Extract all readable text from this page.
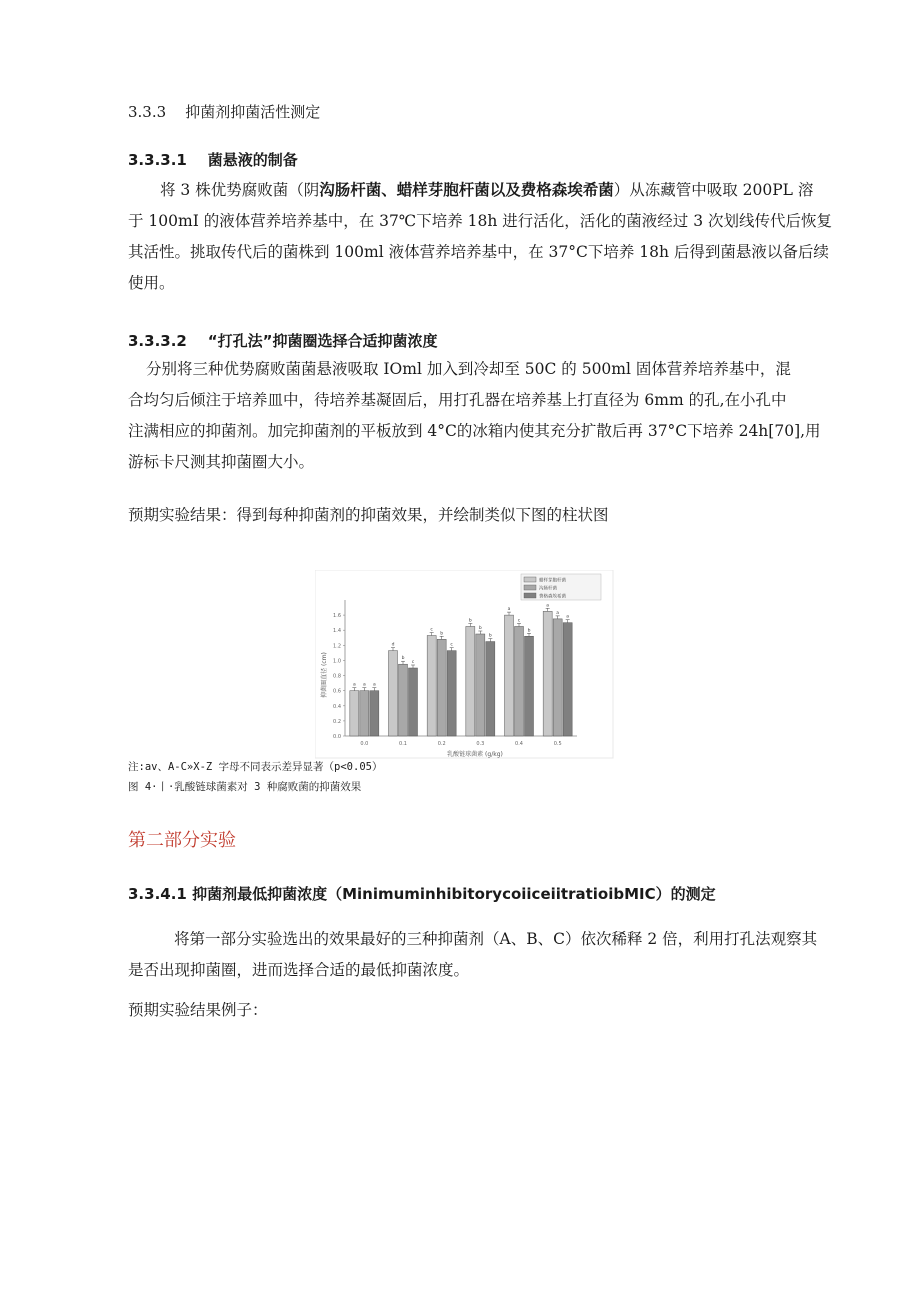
3.3.3 抑菌剂抑菌活性测定
3.3.3.1 菌悬液的制备

将 3 株优势腐败菌（阴沟肠杆菌、蜡样芽胞杆菌以及费格森埃希菌）从冻藏管中吸取 200PL 溶

于 100mI 的液体营养培养基中，在 37℃下培养 18h 进行活化，活化的菌液经过 3 次划线传代后恢复

其活性。挑取传代后的菌株到 100ml 液体营养培养基中，在 37°C下培养 18h 后得到菌悬液以备后续

使用。

3.3.3.2 “打孔法”抑菌圈选择合适抑菌浓度

分别将三种优势腐败菌菌悬液吸取 IOml 加入到冷却至 50C 的 500ml 固体营养培养基中，混

合均匀后倾注于培养皿中，待培养基凝固后，用打孔器在培养基上打直径为 6mm 的孔,在小孔中

注满相应的抑菌剂。加完抑菌剂的平板放到 4°C的冰箱内使其充分扩散后再 37°C下培养 24h[70],用

游标卡尺测其抑菌圈大小。

预期实验结果：得到每种抑菌剂的抑菌效果，并绘制类似下图的柱状图
0.0
0.2
0.4
0.6
0.8
1.0
1.2
1.4
1.6
0.0	0.1	0.2	0.3	0.4	0.5
a a a
d
b
c
c
b
c
b
b
b
a
c
b
a
a
a
蜡样芽胞杆菌
沟肠杆菌
费格森埃希菌
抑菌圈直径 (cm)
乳酸链球菌素 (g/kg)
注:av、A-C»X-Z 字母不同表示差异显著（p<0.05）
图 4·丨·乳酸链球菌素对 3 种腐败菌的抑菌效果
第二部分实验
3.3.4.1 抑菌剂最低抑菌浓度（MinimuminhibitorycoiiceiitratioibMIC）的测定

将第一部分实验选出的效果最好的三种抑菌剂（A、B、C）依次稀释 2 倍，利用打孔法观察其

是否出现抑菌圈，进而选择合适的最低抑菌浓度。

预期实验结果例子：
